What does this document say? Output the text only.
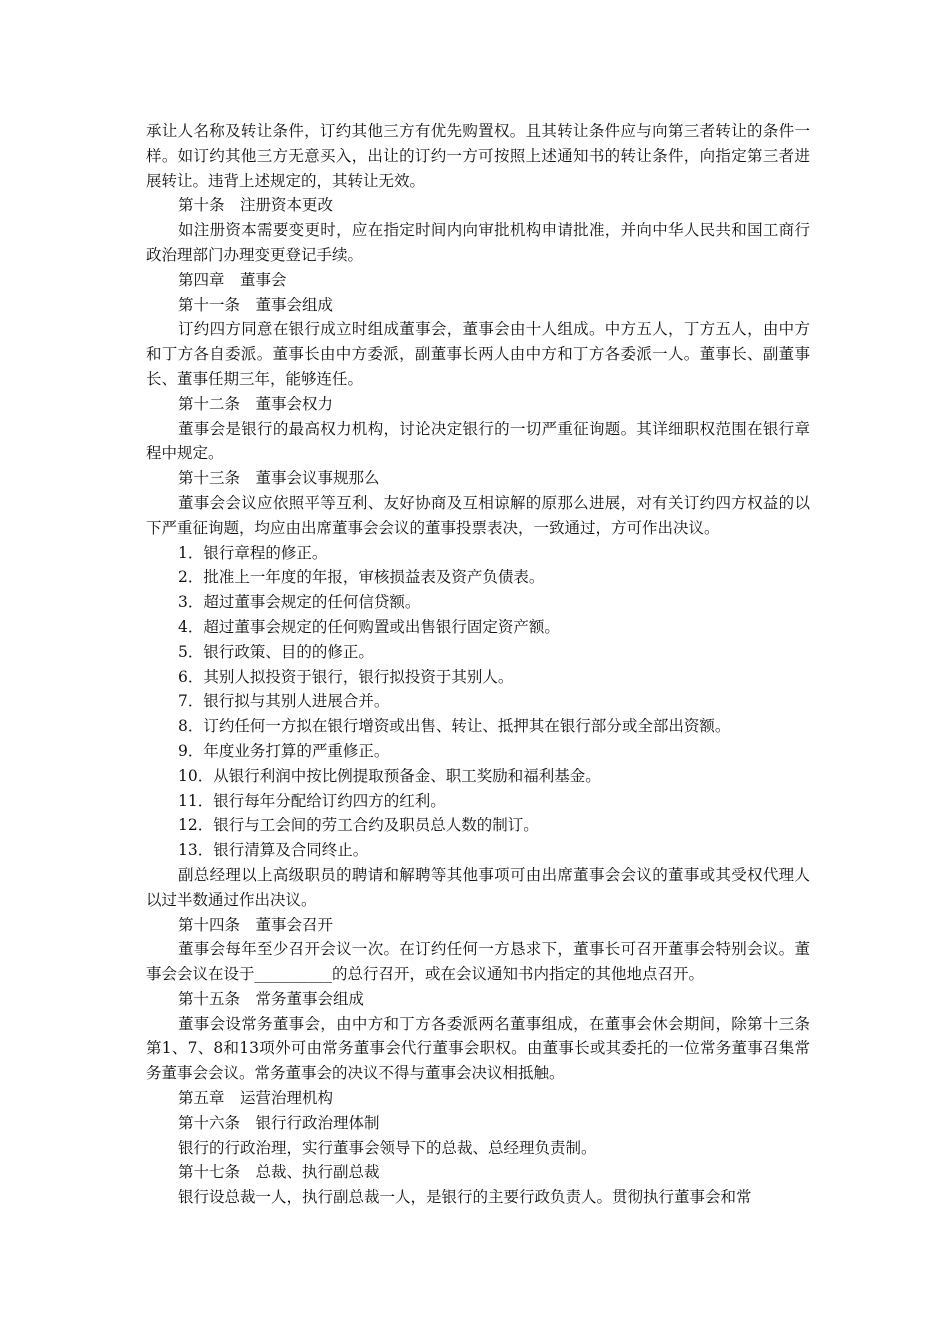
承让人名称及转让条件，订约其他三方有优先购置权。且其转让条件应与向第三者转让的条件一样。如订约其他三方无意买入，出让的订约一方可按照上述通知书的转让条件，向指定第三者进展转让。违背上述规定的，其转让无效。

第十条　注册资本更改

如注册资本需要变更时，应在指定时间内向审批机构申请批准，并向中华人民共和国工商行政治理部门办理变更登记手续。

第四章　董事会

第十一条　董事会组成

订约四方同意在银行成立时组成董事会，董事会由十人组成。中方五人，丁方五人，由中方和丁方各自委派。董事长由中方委派，副董事长两人由中方和丁方各委派一人。董事长、副董事长、董事任期三年，能够连任。

第十二条　董事会权力

董事会是银行的最高权力机构，讨论决定银行的一切严重征询题。其详细职权范围在银行章程中规定。

第十三条　董事会议事规那么

董事会会议应依照平等互利、友好协商及互相谅解的原那么进展，对有关订约四方权益的以下严重征询题，均应由出席董事会会议的董事投票表决，一致通过，方可作出决议。

1．银行章程的修正。

2．批准上一年度的年报，审核损益表及资产负债表。

3．超过董事会规定的任何信贷额。

4．超过董事会规定的任何购置或出售银行固定资产额。

5．银行政策、目的的修正。

6．其别人拟投资于银行，银行拟投资于其别人。

7．银行拟与其别人进展合并。

8．订约任何一方拟在银行增资或出售、转让、抵押其在银行部分或全部出资额。

9．年度业务打算的严重修正。

10．从银行利润中按比例提取预备金、职工奖励和福利基金。

11．银行每年分配给订约四方的红利。

12．银行与工会间的劳工合约及职员总人数的制订。

13．银行清算及合同终止。

副总经理以上高级职员的聘请和解聘等其他事项可由出席董事会会议的董事或其受权代理人以过半数通过作出决议。

第十四条　董事会召开

董事会每年至少召开会议一次。在订约任何一方恳求下，董事长可召开董事会特别会议。董事会会议在设于__________的总行召开，或在会议通知书内指定的其他地点召开。

第十五条　常务董事会组成

董事会设常务董事会，由中方和丁方各委派两名董事组成，在董事会休会期间，除第十三条第1、7、8和13项外可由常务董事会代行董事会职权。由董事长或其委托的一位常务董事召集常务董事会会议。常务董事会的决议不得与董事会决议相抵触。

第五章　运营治理机构

第十六条　银行行政治理体制

银行的行政治理，实行董事会领导下的总裁、总经理负责制。

第十七条　总裁、执行副总裁

银行设总裁一人，执行副总裁一人，是银行的主要行政负责人。贯彻执行董事会和常
